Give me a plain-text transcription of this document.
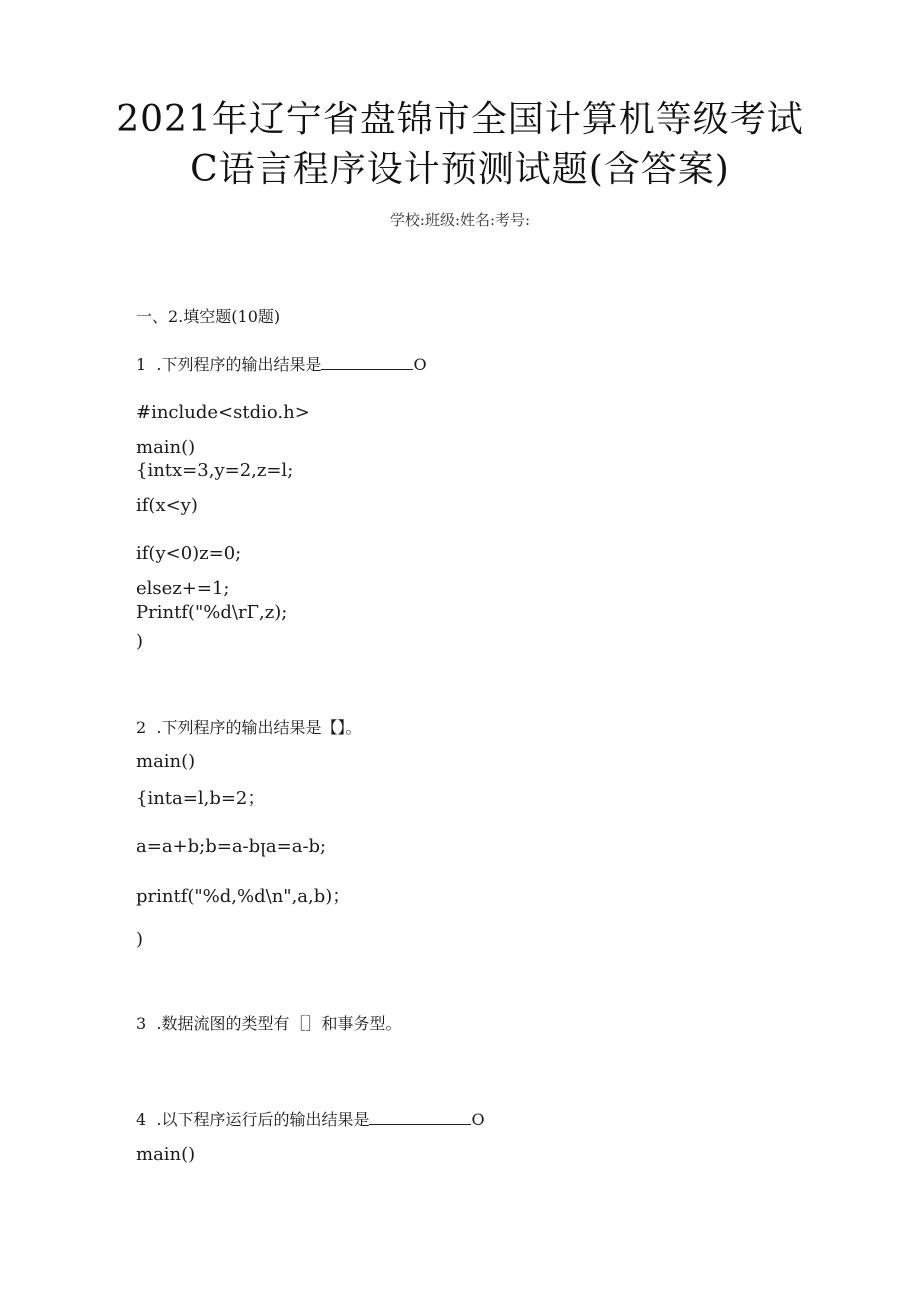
2021年辽宁省盘锦市全国计算机等级考试
C语言程序设计预测试题(含答案)
学校:班级:姓名:考号:
一、2.填空题(10题)
1 .下列程序的输出结果是	O
#include<stdio.h>
main()
{intx=3,y=2,z=l;
if(x<y)
if(y<0)z=0;
elsez+=1;
Printf("%d\rΓ,z);
)
2 .下列程序的输出结果是【】。
main()
{inta=l,b=2；
a=a+b;b=a-bꞁa=a-b;
printf("%d,%d\n",a,b)；
)
3 .数据流图的类型有［］和事务型。
4 .以下程序运行后的输出结果是	O
main()
